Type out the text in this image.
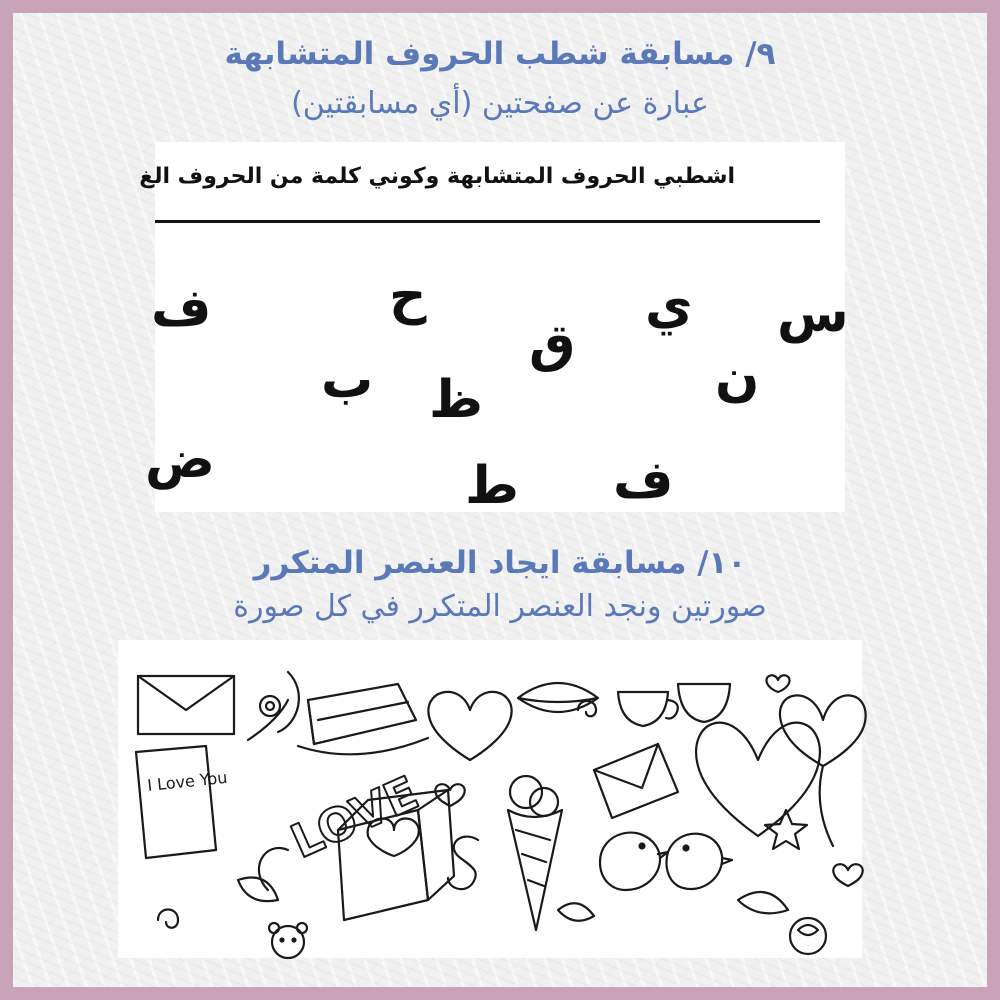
٩/ مسابقة شطب الحروف المتشابهة
عبارة عن صفحتين (أي مسابقتين)
اشطبي الحروف المتشابهة وكوني كلمة من الحروف الغ
ف	ح	ي س
ق
ن
ب ظ
ض	ط ف
١٠/ مسابقة ايجاد العنصر المتكرر
صورتين ونجد العنصر المتكرر في كل صورة
I Love You LOVE
